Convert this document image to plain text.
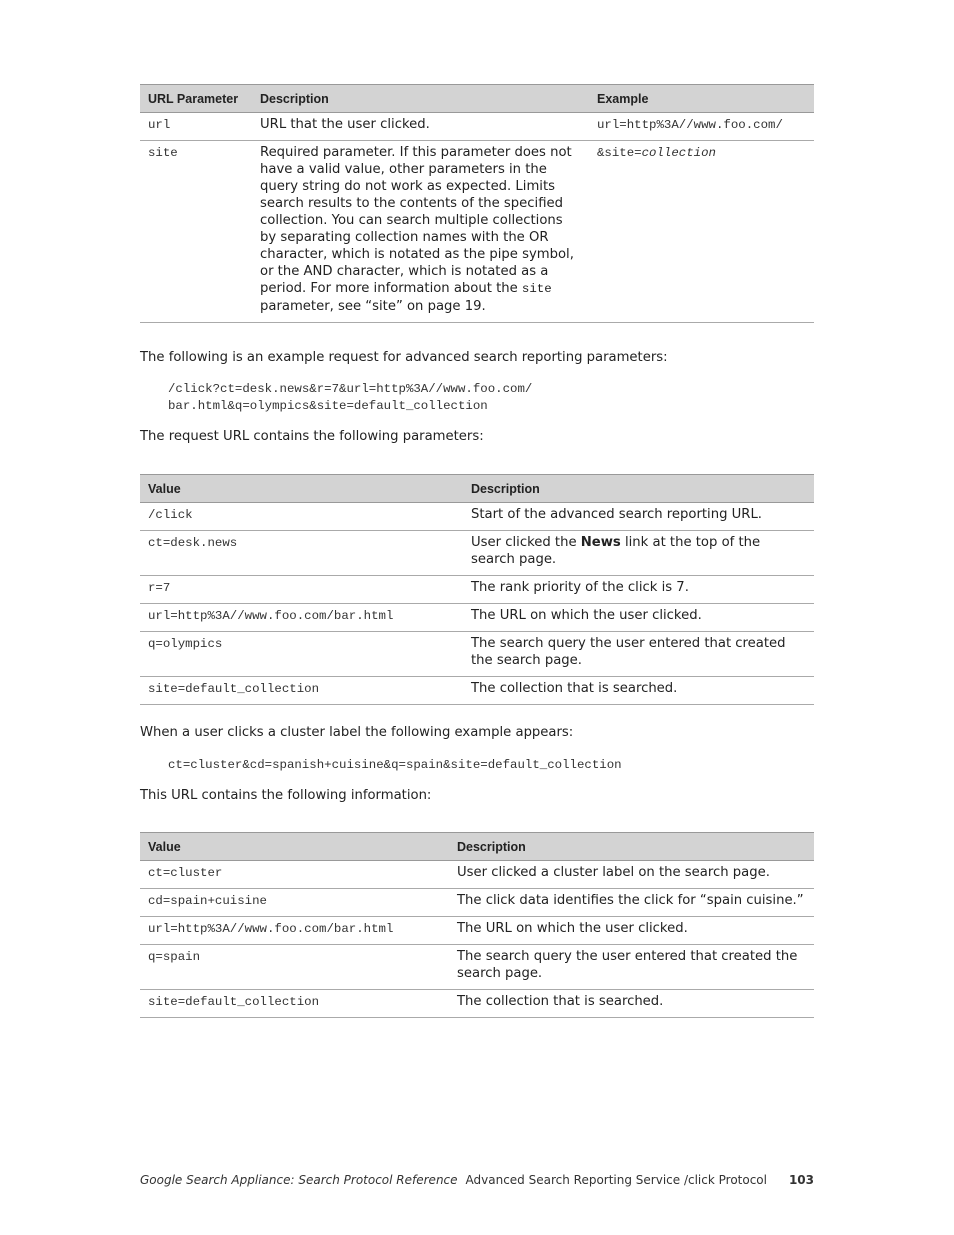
URL Parameter	Description	Example
url	URL that the user clicked.	url=http%3A//www.foo.com/
site	Required parameter. If this parameter does not have a valid value, other parameters in the query string do not work as expected. Limits search results to the contents of the specified collection. You can search multiple collections by separating collection names with the OR character, which is notated as the pipe symbol, or the AND character, which is notated as a period. For more information about the site parameter, see “site” on page 19.	&site=collection

The following is an example request for advanced search reporting parameters:

/click?ct=desk.news&r=7&url=http%3A//www.foo.com/
bar.html&q=olympics&site=default_collection

The request URL contains the following parameters:

Value	Description
/click	Start of the advanced search reporting URL.
ct=desk.news	User clicked the News link at the top of the search page.
r=7	The rank priority of the click is 7.
url=http%3A//www.foo.com/bar.html	The URL on which the user clicked.
q=olympics	The search query the user entered that created the search page.
site=default_collection	The collection that is searched.

When a user clicks a cluster label the following example appears:

ct=cluster&cd=spanish+cuisine&q=spain&site=default_collection

This URL contains the following information:

Value	Description
ct=cluster	User clicked a cluster label on the search page.
cd=spain+cuisine	The click data identifies the click for “spain cuisine.”
url=http%3A//www.foo.com/bar.html	The URL on which the user clicked.
q=spain	The search query the user entered that created the search page.
site=default_collection	The collection that is searched.
Google Search Appliance: Search Protocol Reference Advanced Search Reporting Service /click Protocol 103
